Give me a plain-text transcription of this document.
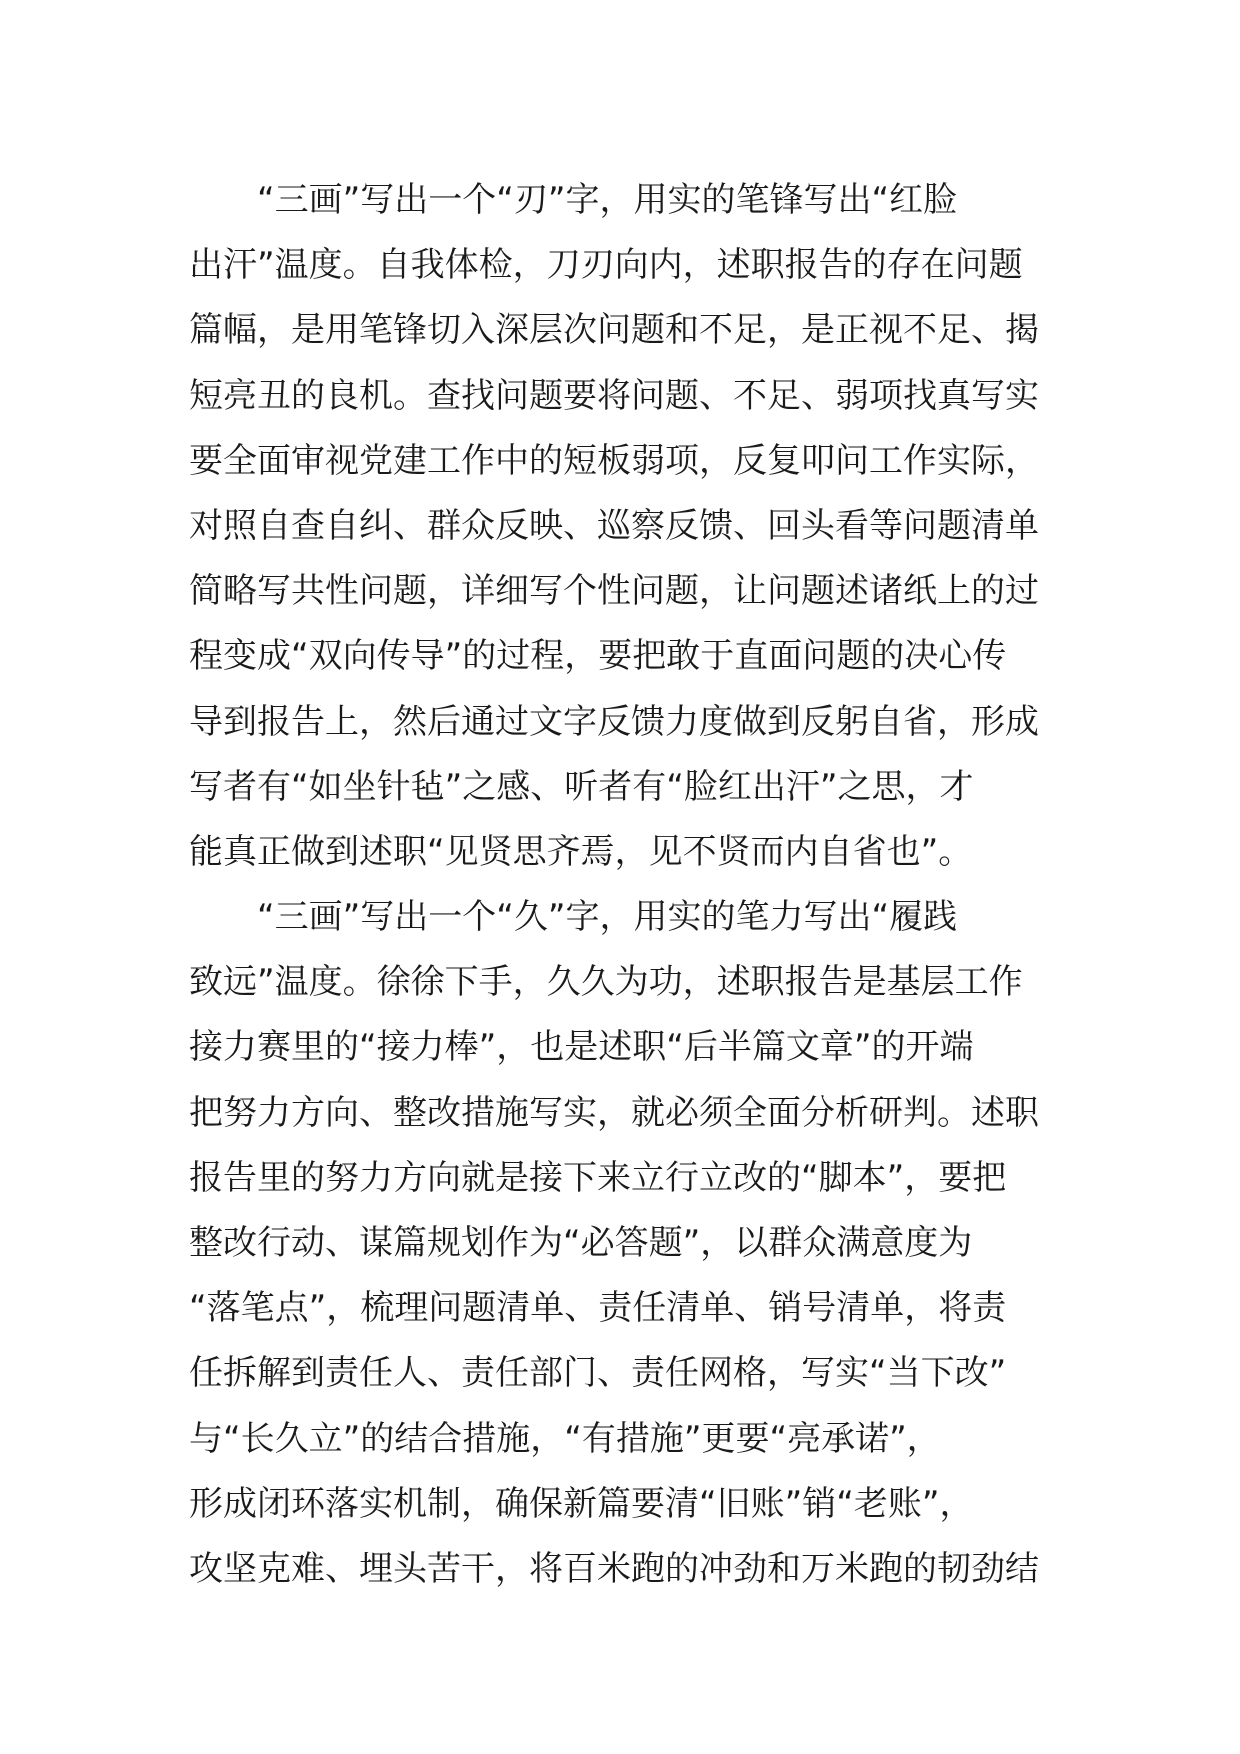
“三画”写出一个“刃”字，用实的笔锋写出“红脸
出汗”温度。自我体检，刀刃向内，述职报告的存在问题
篇幅，是用笔锋切入深层次问题和不足，是正视不足、揭
短亮丑的良机。查找问题要将问题、不足、弱项找真写实
要全面审视党建工作中的短板弱项，反复叩问工作实际，
对照自查自纠、群众反映、巡察反馈、回头看等问题清单
简略写共性问题，详细写个性问题，让问题述诸纸上的过
程变成“双向传导”的过程，要把敢于直面问题的决心传
导到报告上，然后通过文字反馈力度做到反躬自省，形成
写者有“如坐针毡”之感、听者有“脸红出汗”之思，才
能真正做到述职“见贤思齐焉，见不贤而内自省也”。
“三画”写出一个“久”字，用实的笔力写出“履践
致远”温度。徐徐下手，久久为功，述职报告是基层工作
接力赛里的“接力棒”，也是述职“后半篇文章”的开端
把努力方向、整改措施写实，就必须全面分析研判。述职
报告里的努力方向就是接下来立行立改的“脚本”，要把
整改行动、谋篇规划作为“必答题”，以群众满意度为
“落笔点”，梳理问题清单、责任清单、销号清单，将责
任拆解到责任人、责任部门、责任网格，写实“当下改”
与“长久立”的结合措施，“有措施”更要“亮承诺”，
形成闭环落实机制，确保新篇要清“旧账”销“老账”，
攻坚克难、埋头苦干，将百米跑的冲劲和万米跑的韧劲结
